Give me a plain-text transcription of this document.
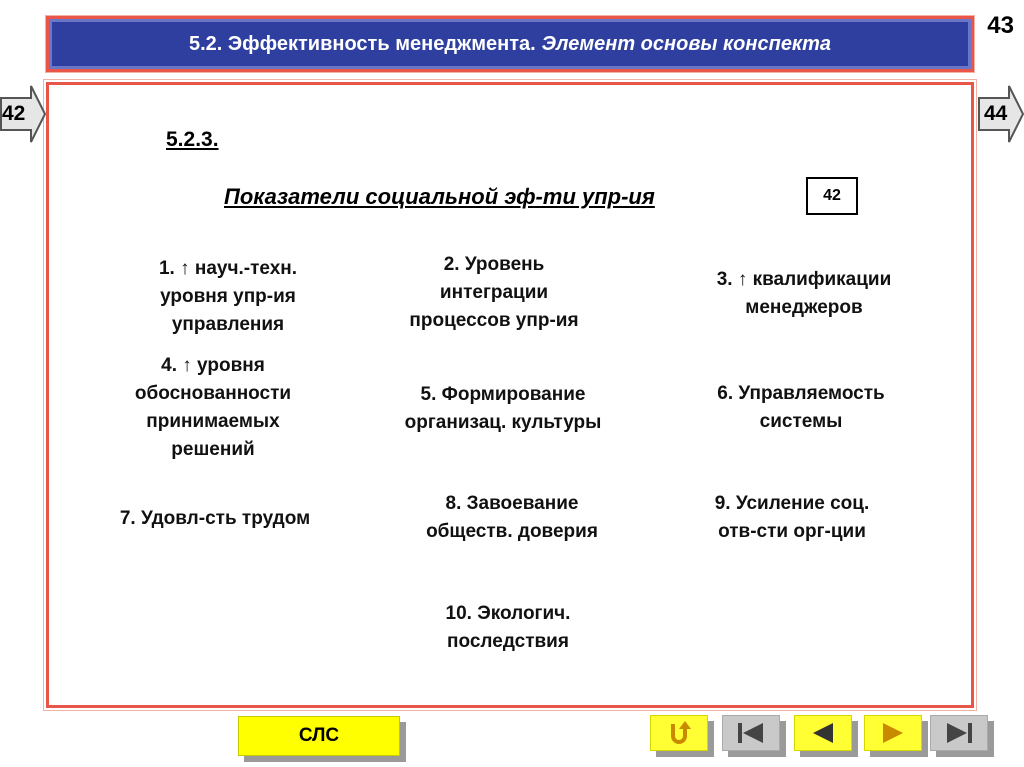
43
5.2. Эффективность менеджмента. Элемент основы конспекта
42	44
5.2.3.
Показатели социальной эф-ти упр-ия	42
1. ↑ науч.-техн.
уровня упр-ия
управления
2. Уровень
интеграции
процессов упр-ия
3. ↑ квалификации
менеджеров
4. ↑ уровня
обоснованности
принимаемых
решений
5. Формирование
организац. культуры
6. Управляемость
системы
7. Удовл-сть трудом
8. Завоевание
обществ. доверия
9. Усиление соц.
отв-сти орг-ции
10. Экологич.
последствия
СЛС
